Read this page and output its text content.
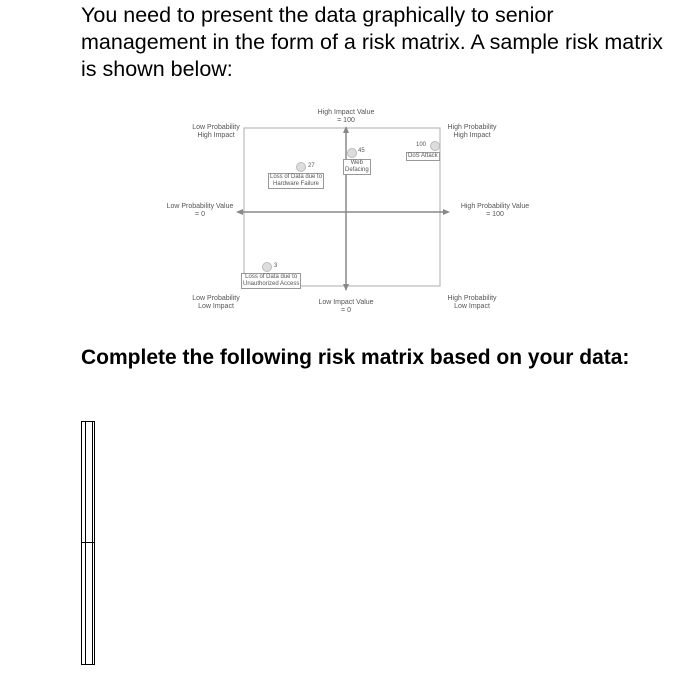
You need to present the data graphically to senior management in the form of a risk matrix. A sample risk matrix is shown below:

Low Probability
High Impact
High Probability
High Impact
Low Probability
Low Impact
High Probability
Low Impact
High Impact Value
= 100
Low Impact Value
= 0
Low Probability Value
= 0
High Probability Value
= 100
27
Loss of Data due to
Hardware Failure
45
Web
Defacing
100
DoS Attack
3
Loss of Data due to
Unauthorized Access

Complete the following risk matrix based on your data:
